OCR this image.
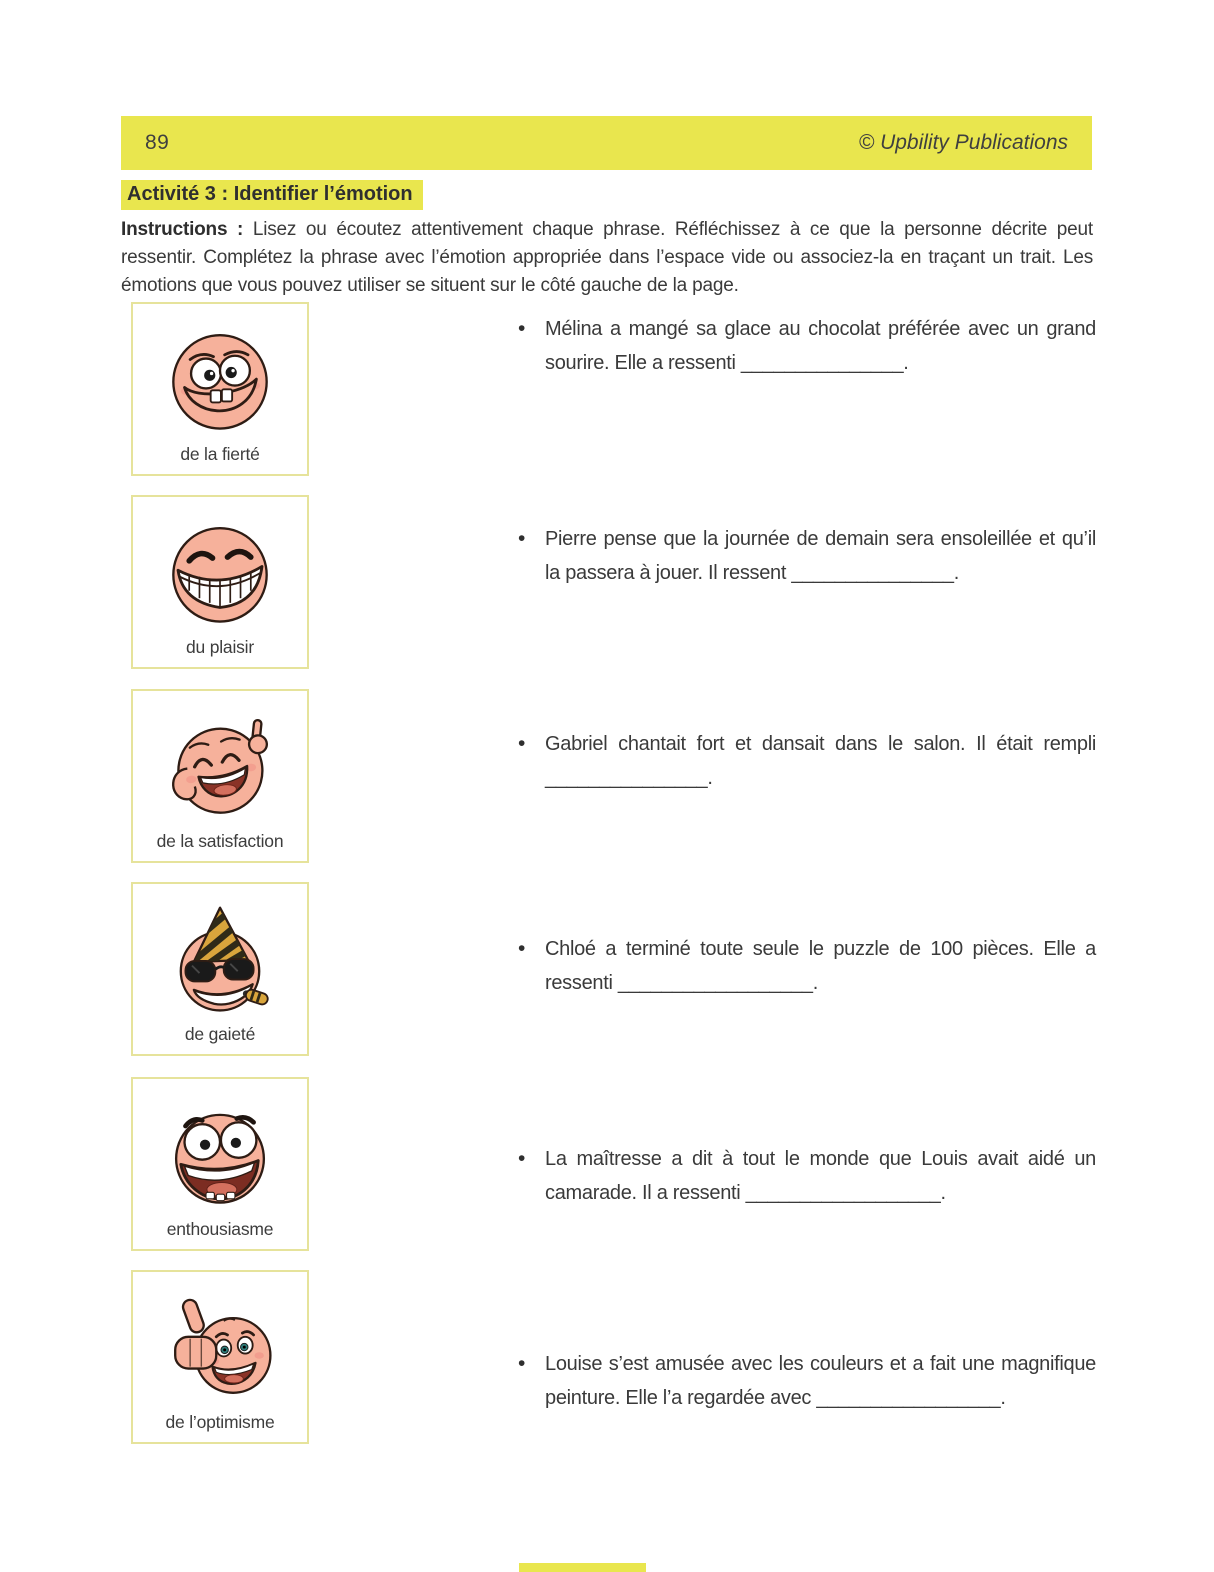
89	© Upbility Publications
Activité 3 : Identifier l’émotion

Instructions : Lisez ou écoutez attentivement chaque phrase. Réfléchissez à ce que la personne décrite peut ressentir. Complétez la phrase avec l’émotion appropriée dans l’espace vide ou associez-la en traçant un trait. Les émotions que vous pouvez utiliser se situent sur le côté gauche de la page.

de la fierté
du plaisir
de la satisfaction
de gaieté
enthousiasme
de l’optimisme
• Mélina a mangé sa glace au chocolat préférée avec un grand sourire. Elle a ressenti _______________.
• Pierre pense que la journée de demain sera ensoleillée et qu’il la passera à jouer. Il ressent _______________.
• Gabriel chantait fort et dansait dans le salon. Il était rempli _______________.
• Chloé a terminé toute seule le puzzle de 100 pièces. Elle a ressenti __________________.
• La maîtresse a dit à tout le monde que Louis avait aidé un camarade. Il a ressenti __________________.
• Louise s’est amusée avec les couleurs et a fait une magnifique peinture. Elle l’a regardée avec _________________.
